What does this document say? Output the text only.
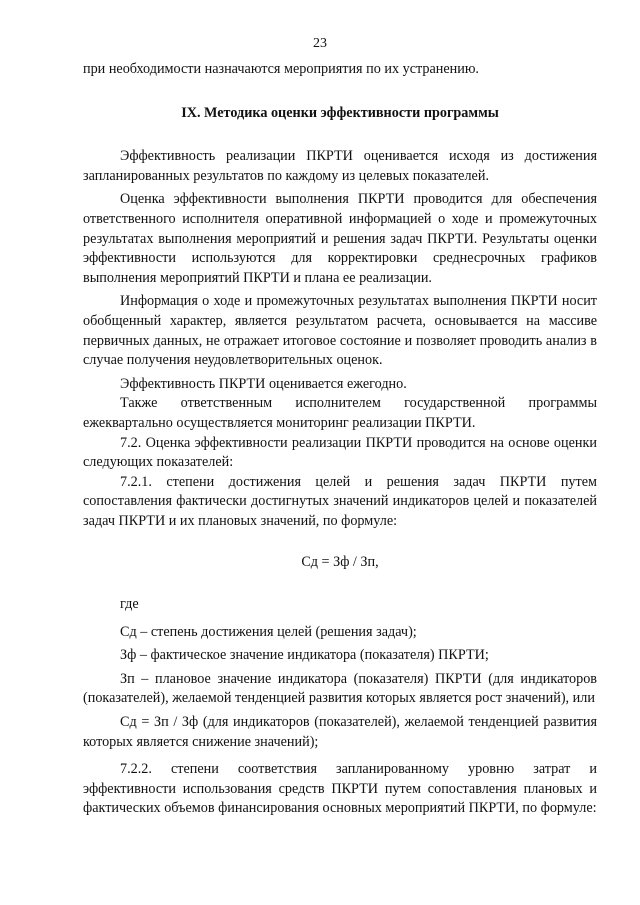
23

при необходимости назначаются мероприятия по их устранению.

IX. Методика оценки эффективности программы

Эффективность реализации ПКРТИ оценивается исходя из достижения запланированных результатов по каждому из целевых показателей.

Оценка эффективности выполнения ПКРТИ проводится для обеспечения ответственного исполнителя оперативной информацией о ходе и промежуточных результатах выполнения мероприятий и решения задач ПКРТИ. Результаты оценки эффективности используются для корректировки среднесрочных графиков выполнения мероприятий ПКРТИ и плана ее реализации.

Информация о ходе и промежуточных результатах выполнения ПКРТИ носит обобщенный характер, является результатом расчета, основывается на массиве первичных данных, не отражает итоговое состояние и позволяет проводить анализ в случае получения неудовлетворительных оценок.

Эффективность ПКРТИ оценивается ежегодно.

Также ответственным исполнителем государственной программы ежеквартально осуществляется мониторинг реализации ПКРТИ.

7.2. Оценка эффективности реализации ПКРТИ проводится на основе оценки следующих показателей:

7.2.1. степени достижения целей и решения задач ПКРТИ путем сопоставления фактически достигнутых значений индикаторов целей и показателей задач ПКРТИ и их плановых значений, по формуле:

Сд = Зф / Зп,

где

Сд – степень достижения целей (решения задач);

Зф – фактическое значение индикатора (показателя) ПКРТИ;

Зп – плановое значение индикатора (показателя) ПКРТИ (для индикаторов (показателей), желаемой тенденцией развития которых является рост значений), или

Сд = Зп / Зф (для индикаторов (показателей), желаемой тенденцией развития которых является снижение значений);

7.2.2. степени соответствия запланированному уровню затрат и эффективности использования средств ПКРТИ путем сопоставления плановых и фактических объемов финансирования основных мероприятий ПКРТИ, по формуле:
